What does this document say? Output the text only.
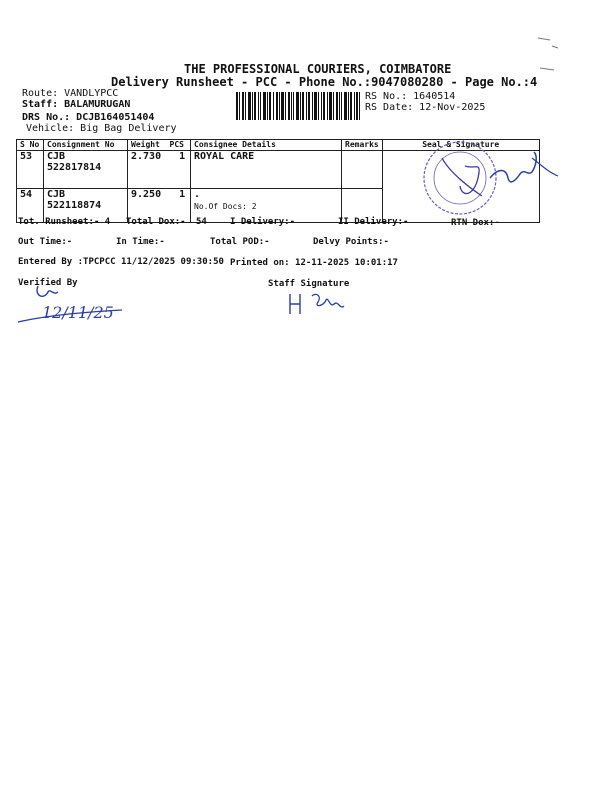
THE PROFESSIONAL COURIERS, COIMBATORE
Delivery Runsheet - PCC - Phone No.:9047080280 - Page No.:4
Route: VANDLYPCC
Staff: BALAMURUGAN
DRS No.: DCJB164051404
Vehicle: Big Bag Delivery
RS No.: 1640514
RS Date: 12-Nov-2025
S No	Consignment No	Weight PCS	Consignee Details	Remarks	Seal & Signature
53	CJB 522817814	2.730 1	ROYAL CARE		
54	CJB 522118874	9.250 1	.
No.Of Docs: 2		

Tot. Runsheet:- 4 Total Dox:- 54	I Delivery:-	II Delivery:-	RTN Dox:-
Out Time:-	In Time:-	Total POD:-	Delvy Points:-
Entered By :TPCPCC 11/12/2025 09:30:50 Printed on: 12-11-2025 10:01:17
Verified By	Staff Signature
12/11/25
